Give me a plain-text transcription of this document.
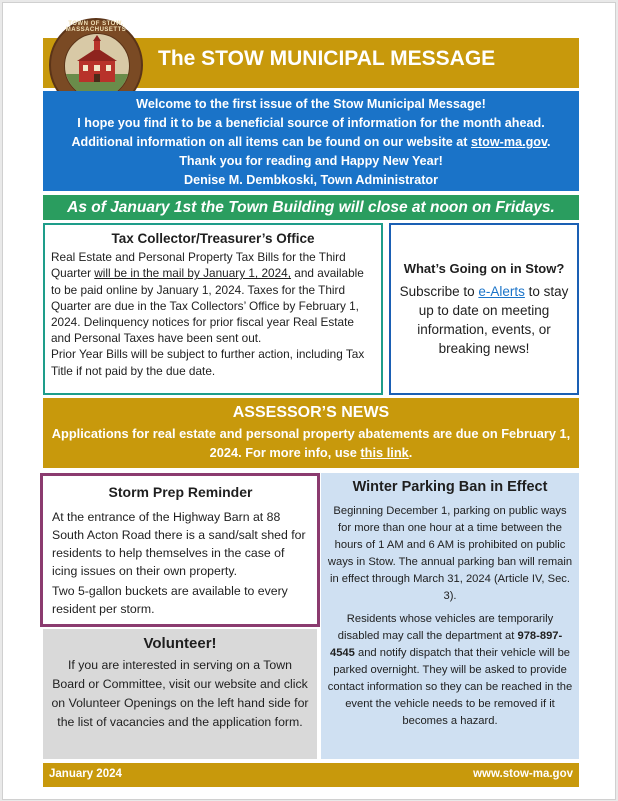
The STOW MUNICIPAL MESSAGE
TOWN OF STOW, MASSACHUSETTS
Welcome to the first issue of the Stow Municipal Message!
I hope you find it to be a beneficial source of information for the month ahead.
Additional information on all items can be found on our website at stow-ma.gov.
Thank you for reading and Happy New Year!
Denise M. Dembkoski, Town Administrator
As of January 1st the Town Building will close at noon on Fridays.
Tax Collector/Treasurer’s Office
Real Estate and Personal Property Tax Bills for the Third Quarter will be in the mail by January 1, 2024, and available to be paid online by January 1, 2024. Taxes for the Third Quarter are due in the Tax Collectors’ Office by February 1, 2024. Delinquency notices for prior fiscal year Real Estate and Personal Taxes have been sent out.
Prior Year Bills will be subject to further action, including Tax Title if not paid by the due date.
What’s Going on in Stow?
Subscribe to e-Alerts to stay up to date on meeting information, events, or breaking news!
ASSESSOR’S NEWS
Applications for real estate and personal property abatements are due on February 1, 2024. For more info, use this link.
Storm Prep Reminder

At the entrance of the Highway Barn at 88 South Acton Road there is a sand/salt shed for residents to help themselves in the case of icing issues on their own property.

Two 5-gallon buckets are available to every resident per storm.

Volunteer!
If you are interested in serving on a Town Board or Committee, visit our website and click on Volunteer Openings on the left hand side for the list of vacancies and the application form.
Winter Parking Ban in Effect

Beginning December 1, parking on public ways for more than one hour at a time between the hours of 1 AM and 6 AM is prohibited on public ways in Stow. The annual parking ban will remain in effect through March 31, 2024 (Article IV, Sec. 3).

Residents whose vehicles are temporarily disabled may call the department at 978-897-4545 and notify dispatch that their vehicle will be parked overnight. They will be asked to provide contact information so they can be reached in the event the vehicle needs to be removed if it becomes a hazard.

January 2024	www.stow-ma.gov
